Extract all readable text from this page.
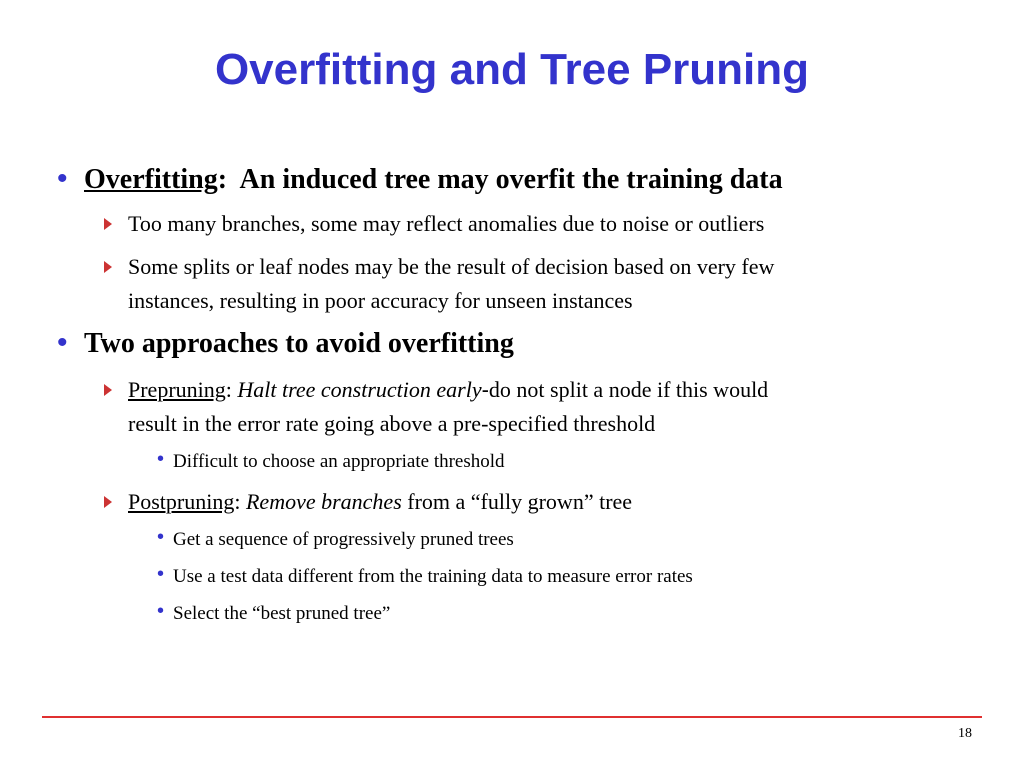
Overfitting and Tree Pruning
• Overfitting:  An induced tree may overfit the training data
Too many branches, some may reflect anomalies due to noise or outliers
Some splits or leaf nodes may be the result of decision based on very few
instances, resulting in poor accuracy for unseen instances
• Two approaches to avoid overfitting
Prepruning: Halt tree construction early-do not split a node if this would
result in the error rate going above a pre-specified threshold
• Difficult to choose an appropriate threshold
Postpruning: Remove branches from a “fully grown” tree
• Get a sequence of progressively pruned trees
• Use a test data different from the training data to measure error rates
• Select the “best pruned tree”
18
